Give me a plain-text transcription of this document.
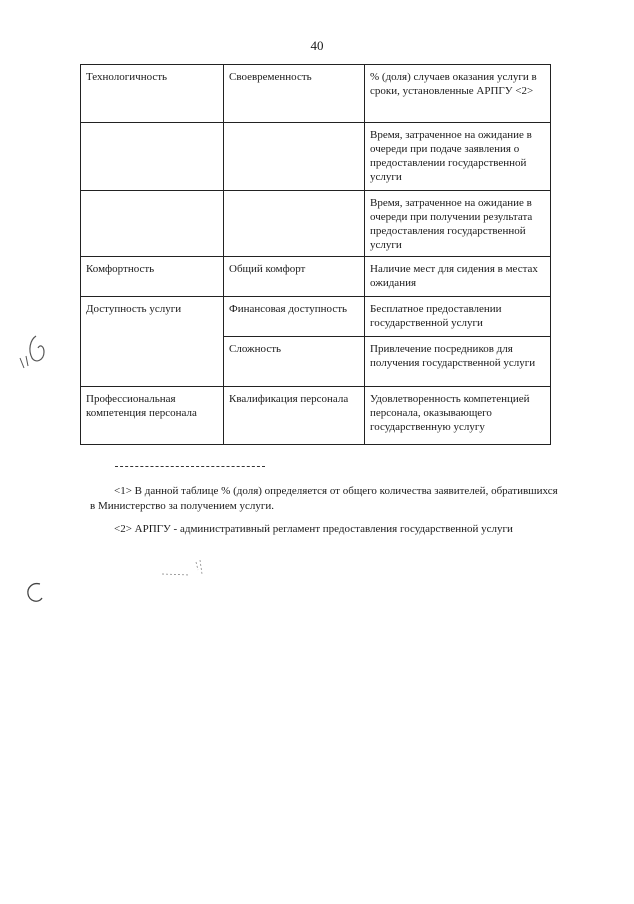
40
Технологичность	Своевременность	% (доля) случаев оказания услуги в сроки, установленные АРПГУ <2>
		Время, затраченное на ожидание в очереди при подаче заявления о предоставлении государственной услуги
		Время, затраченное на ожидание в очереди при получении результата предоставления государственной услуги
Комфортность	Общий комфорт	Наличие мест для сидения в местах ожидания
Доступность услуги	Финансовая доступность	Бесплатное предоставлении государственной услуги
	Сложность	Привлечение посредников для получения государственной услуги
Профессиональная компетенция персонала	Квалификация персонала	Удовлетворенность компетенцией персонала, оказывающего государственную услугу

<1> В данной таблице % (доля) определяется от общего количества заявителей, обратившихся в Министерство за получением услуги.

<2> АРПГУ - административный регламент предоставления государственной услуги
